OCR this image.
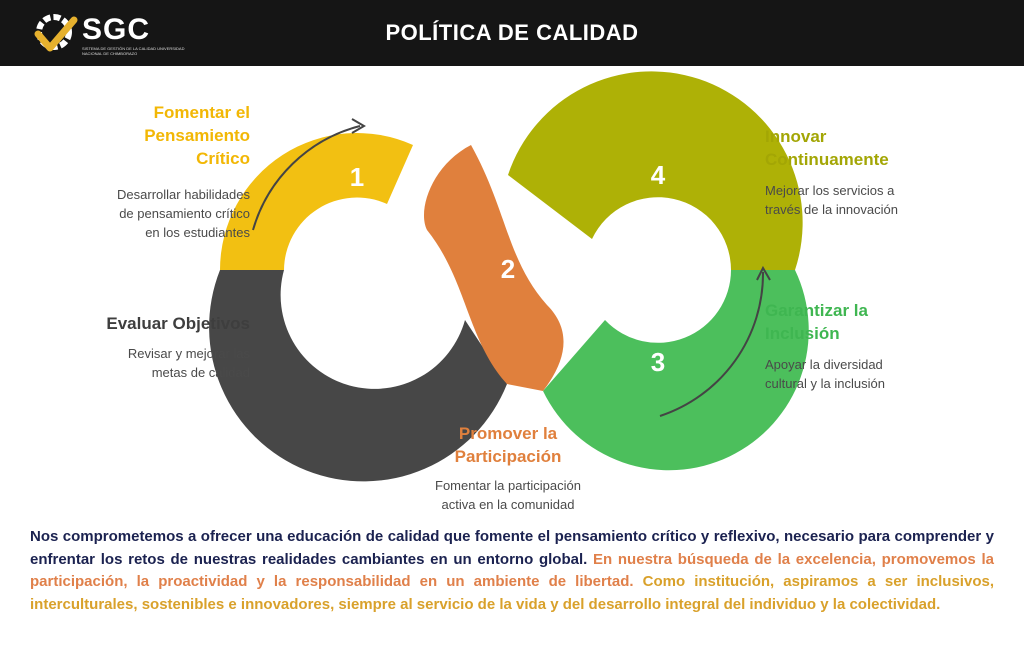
SGC
SISTEMA DE GESTIÓN DE LA CALIDAD UNIVERSIDAD NACIONAL DE CHIMBORAZO
POLÍTICA DE CALIDAD
1
2
3
4
5
Fomentar el
Pensamiento
Crítico
Desarrollar habilidades
de pensamiento crítico
en los estudiantes
Innovar
Continuamente
Mejorar los servicios a
través de la innovación
Garantizar la
Inclusión
Apoyar la diversidad
cultural y la inclusión
Evaluar Objetivos
Revisar y mejorar las
metas de calidad
Promover la
Participación
Fomentar la participación
activa en la comunidad
Nos comprometemos a ofrecer una educación de calidad que fomente el pensamiento crítico y reflexivo, necesario para comprender y enfrentar los retos de nuestras realidades cambiantes en un entorno global. En nuestra búsqueda de la excelencia, promovemos la participación, la proactividad y la responsabilidad en un ambiente de libertad. Como institución, aspiramos a ser inclusivos, interculturales, sostenibles e innovadores, siempre al servicio de la vida y del desarrollo integral del individuo y la colectividad.
